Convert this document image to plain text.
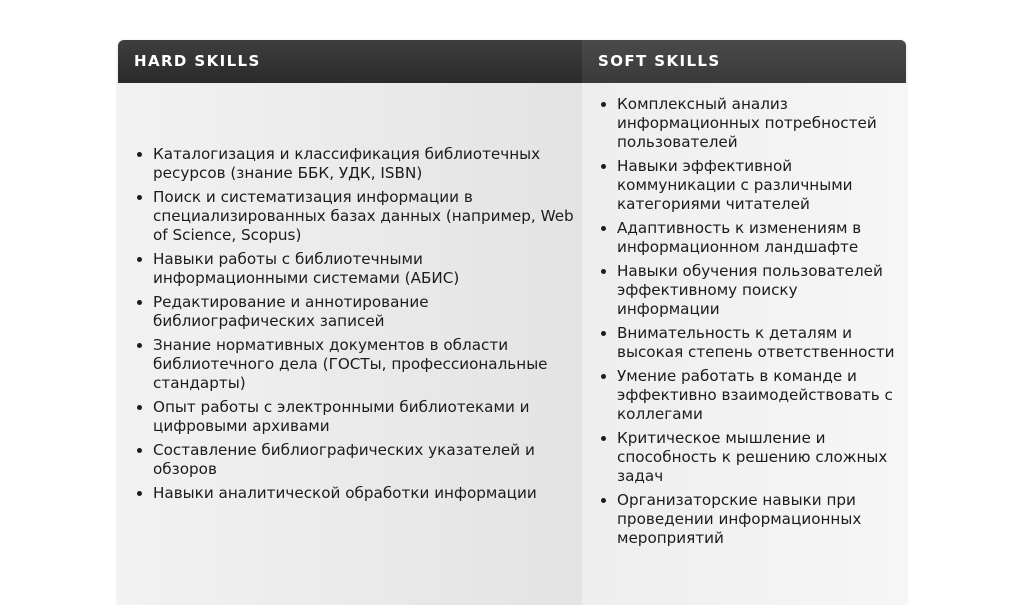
HARD SKILLS	SOFT SKILLS
Каталогизация и классификация библиотечных ресурсов (знание ББК, УДК, ISBN)
Поиск и систематизация информации в специализированных базах данных (например, Web of Science, Scopus)
Навыки работы с библиотечными информационными системами (АБИС)
Редактирование и аннотирование библиографических записей
Знание нормативных документов в области библиотечного дела (ГОСТы, профессиональные стандарты)
Опыт работы с электронными библиотеками и цифровыми архивами
Составление библиографических указателей и обзоров
Навыки аналитической обработки информации
Комплексный анализ информационных потребностей пользователей
Навыки эффективной коммуникации с различными категориями читателей
Адаптивность к изменениям в информационном ландшафте
Навыки обучения пользователей эффективному поиску информации
Внимательность к деталям и высокая степень ответственности
Умение работать в команде и эффективно взаимодействовать с коллегами
Критическое мышление и способность к решению сложных задач
Организаторские навыки при проведении информационных мероприятий
